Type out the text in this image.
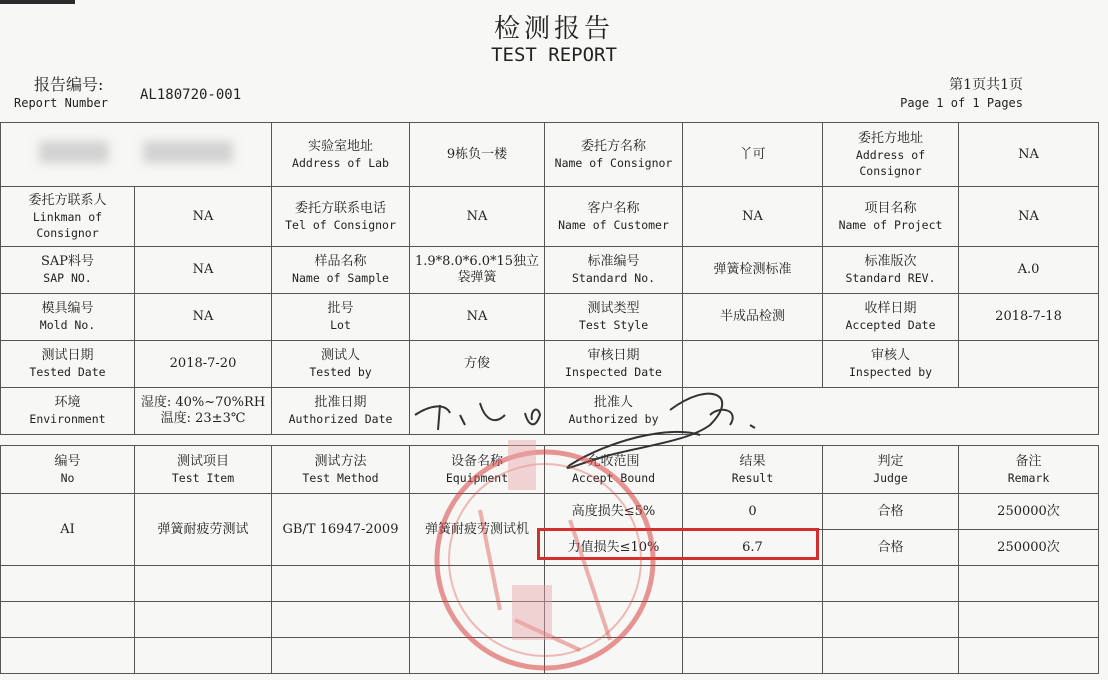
检测报告
TEST REPORT
报告编号:
Report Number AL180720-001
第1页共1页
Page 1 of 1 Pages

		实验室地址
Address of Lab	9栋负一楼	委托方名称
Name of Consignor	丫可	委托方地址
Address of Consignor	NA

委托方联系人
Linkman of Consignor	NA	委托方联系电话
Tel of Consignor	NA	客户名称
Name of Customer	NA	项目名称
Name of Project	NA

SAP料号
SAP NO.	NA	样品名称
Name of Sample	1.9*8.0*6.0*15独立袋弹簧	标准编号
Standard No.	弹簧检测标准	标准版次
Standard REV.	A.0

模具编号
Mold No.	NA	批号
Lot	NA	测试类型
Test Style	半成品检测	收样日期
Accepted Date	2018-7-18

测试日期
Tested Date	2018-7-20	测试人
Tested by	方俊	审核日期
Inspected Date		审核人
Inspected by	

环境
Environment	湿度: 40%~70%RH
温度: 23±3℃	批准日期
Authorized Date		批准人
Authorized by			

编号
No	测试项目
Test Item	测试方法
Test Method	设备名称
Equipment	允收范围
Accept Bound	结果
Result	判定
Judge	备注
Remark

AI	弹簧耐疲劳测试	GB/T 16947-2009	弹簧耐疲劳测试机	高度损失≤5%	0	合格	250000次
				力值损失≤10%	6.7	合格	250000次
